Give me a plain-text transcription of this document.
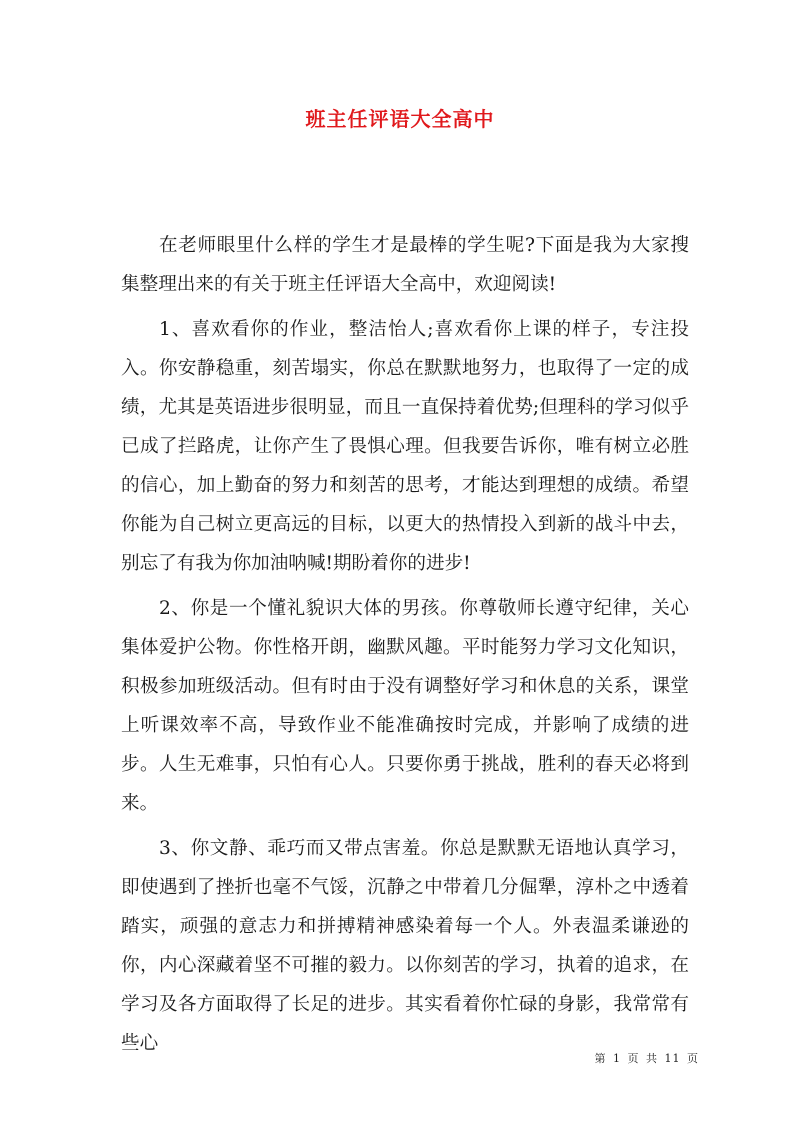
班主任评语大全高中

在老师眼里什么样的学生才是最棒的学生呢?下面是我为大家搜集整理出来的有关于班主任评语大全高中，欢迎阅读!

1、喜欢看你的作业，整洁怡人;喜欢看你上课的样子，专注投入。你安静稳重，刻苦塌实，你总在默默地努力，也取得了一定的成绩，尤其是英语进步很明显，而且一直保持着优势;但理科的学习似乎已成了拦路虎，让你产生了畏惧心理。但我要告诉你，唯有树立必胜的信心，加上勤奋的努力和刻苦的思考，才能达到理想的成绩。希望你能为自己树立更高远的目标，以更大的热情投入到新的战斗中去，别忘了有我为你加油呐喊!期盼着你的进步!

2、你是一个懂礼貌识大体的男孩。你尊敬师长遵守纪律，关心集体爱护公物。你性格开朗，幽默风趣。平时能努力学习文化知识，积极参加班级活动。但有时由于没有调整好学习和休息的关系，课堂上听课效率不高，导致作业不能准确按时完成，并影响了成绩的进步。人生无难事，只怕有心人。只要你勇于挑战，胜利的春天必将到来。

3、你文静、乖巧而又带点害羞。你总是默默无语地认真学习，即使遇到了挫折也毫不气馁，沉静之中带着几分倔犟，淳朴之中透着踏实，顽强的意志力和拼搏精神感染着每一个人。外表温柔谦逊的你，内心深藏着坚不可摧的毅力。以你刻苦的学习，执着的追求，在学习及各方面取得了长足的进步。其实看着你忙碌的身影，我常常有些心

第 1 页 共 11 页
